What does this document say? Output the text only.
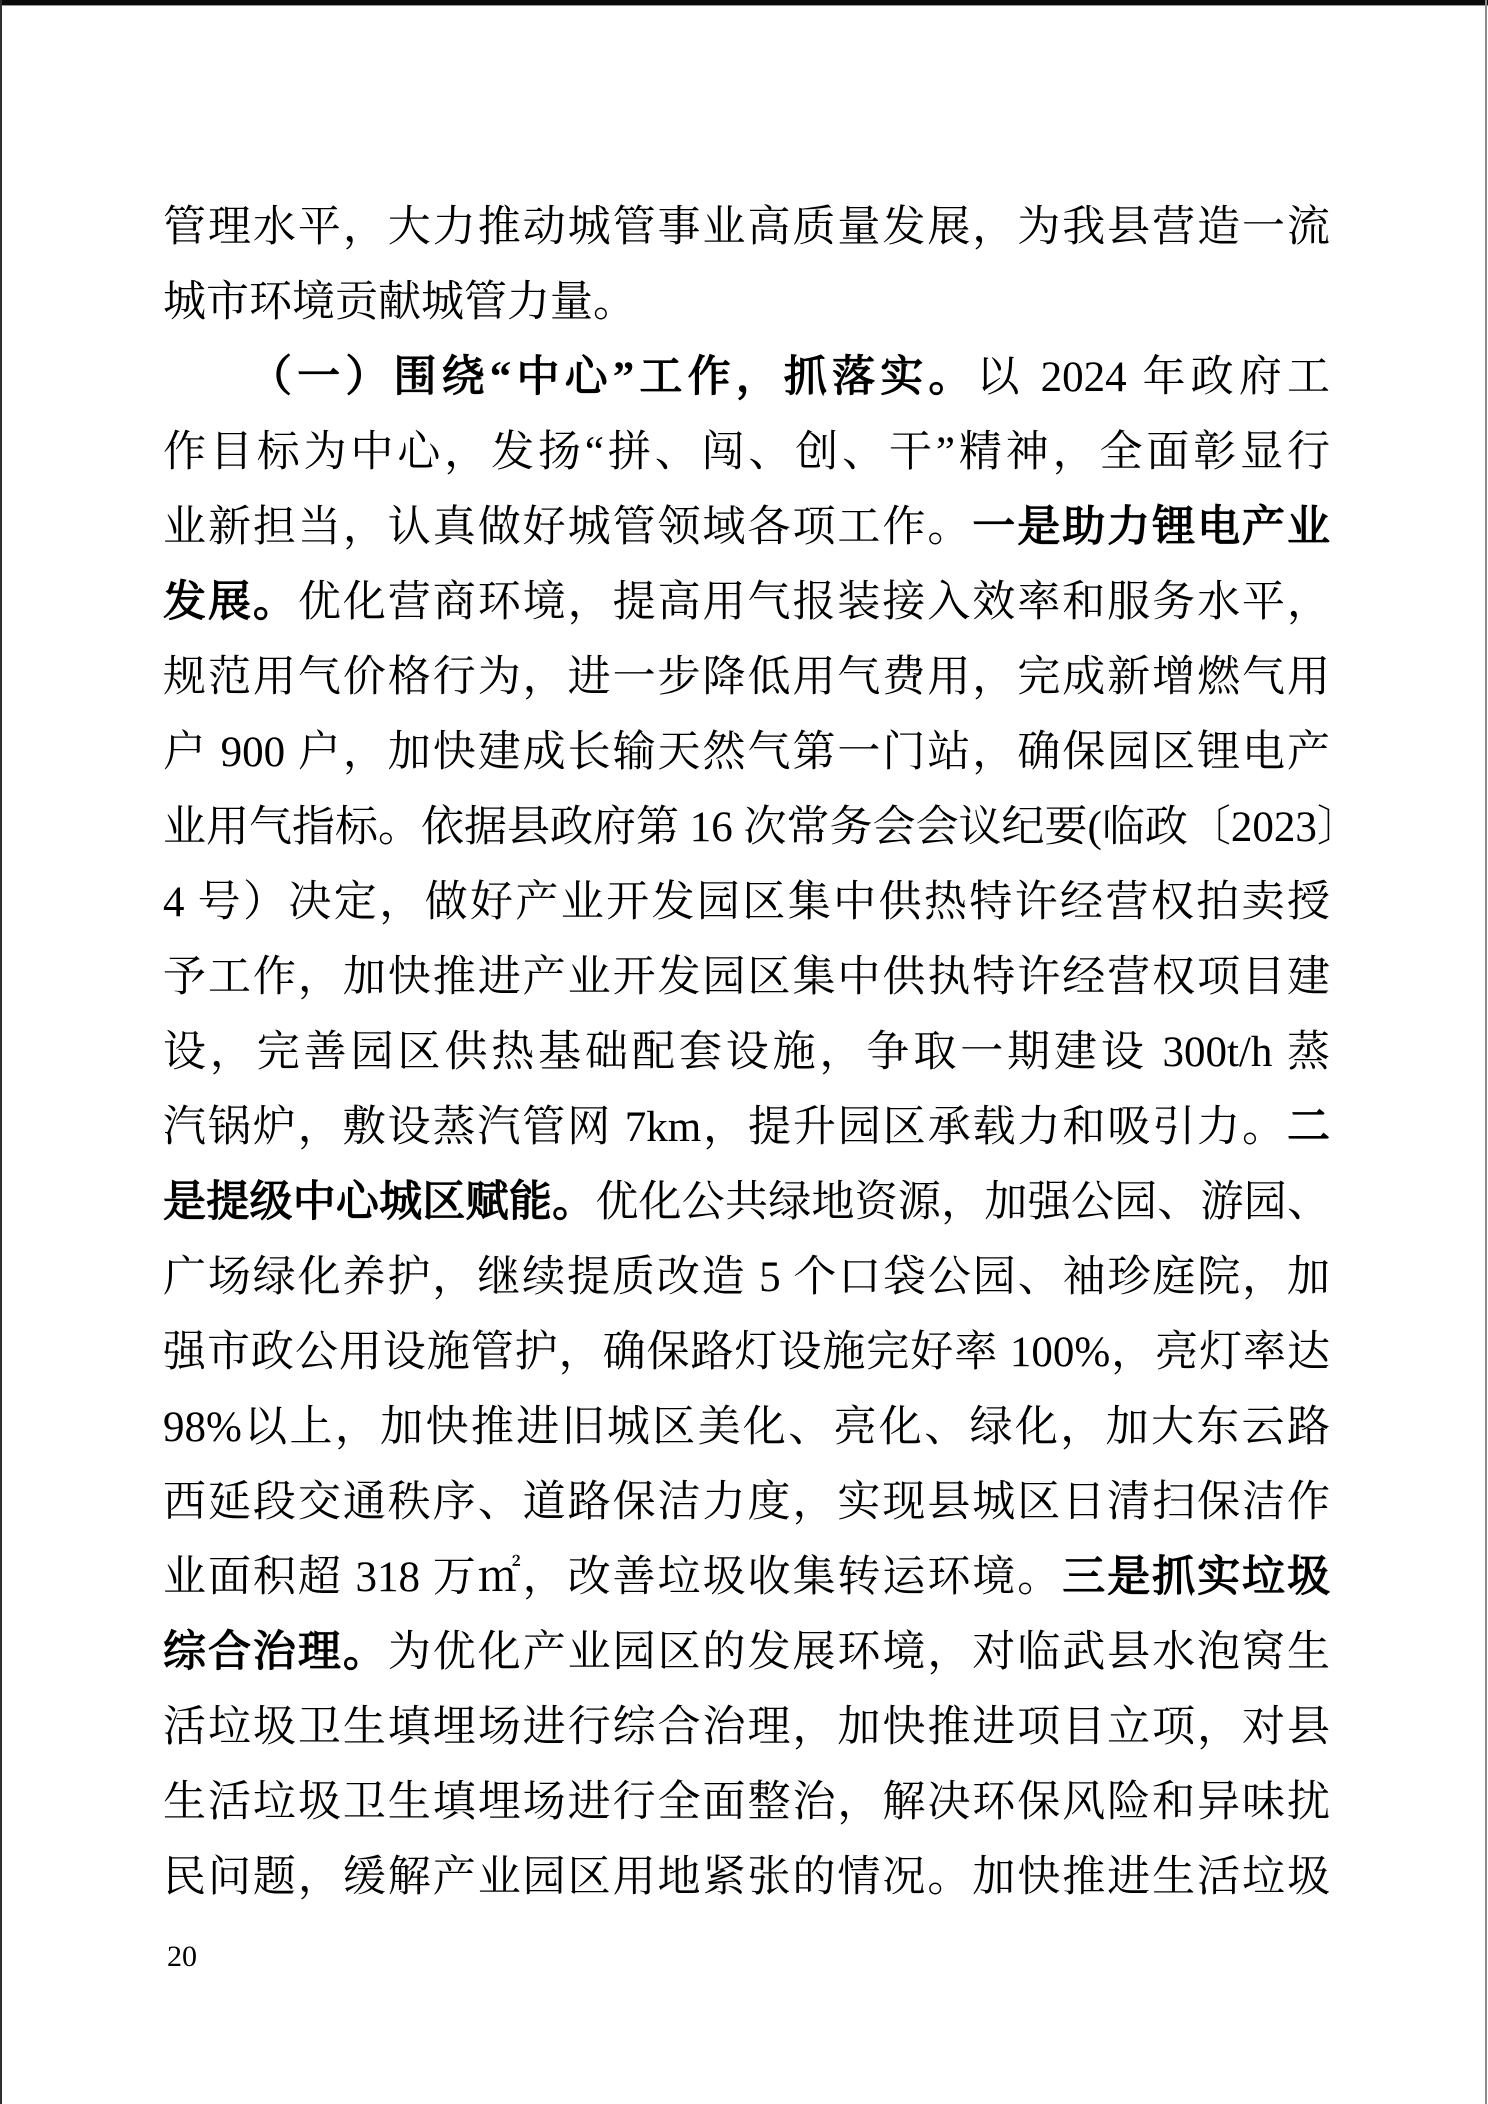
管理水平，大力推动城管事业高质量发展，为我县营造一流
城市环境贡献城管力量。
（一）围绕“中心”工作，抓落实。以 2024 年政府工
作目标为中心，发扬“拼、闯、创、干”精神，全面彰显行
业新担当，认真做好城管领域各项工作。一是助力锂电产业
发展。优化营商环境，提高用气报装接入效率和服务水平，
规范用气价格行为，进一步降低用气费用，完成新增燃气用
户 900 户，加快建成长输天然气第一门站，确保园区锂电产
业用气指标。依据县政府第 16 次常务会会议纪要(临政〔2023〕
4 号）决定，做好产业开发园区集中供热特许经营权拍卖授
予工作，加快推进产业开发园区集中供执特许经营权项目建
设，完善园区供热基础配套设施，争取一期建设 300t/h 蒸
汽锅炉，敷设蒸汽管网 7km，提升园区承载力和吸引力。二
是提级中心城区赋能。优化公共绿地资源，加强公园、游园、
广场绿化养护，继续提质改造 5 个口袋公园、袖珍庭院，加
强市政公用设施管护，确保路灯设施完好率 100%，亮灯率达
98%以上，加快推进旧城区美化、亮化、绿化，加大东云路
西延段交通秩序、道路保洁力度，实现县城区日清扫保洁作
业面积超 318 万㎡，改善垃圾收集转运环境。三是抓实垃圾
综合治理。为优化产业园区的发展环境，对临武县水泡窝生
活垃圾卫生填埋场进行综合治理，加快推进项目立项，对县
生活垃圾卫生填埋场进行全面整治，解决环保风险和异味扰
民问题，缓解产业园区用地紧张的情况。加快推进生活垃圾
20
